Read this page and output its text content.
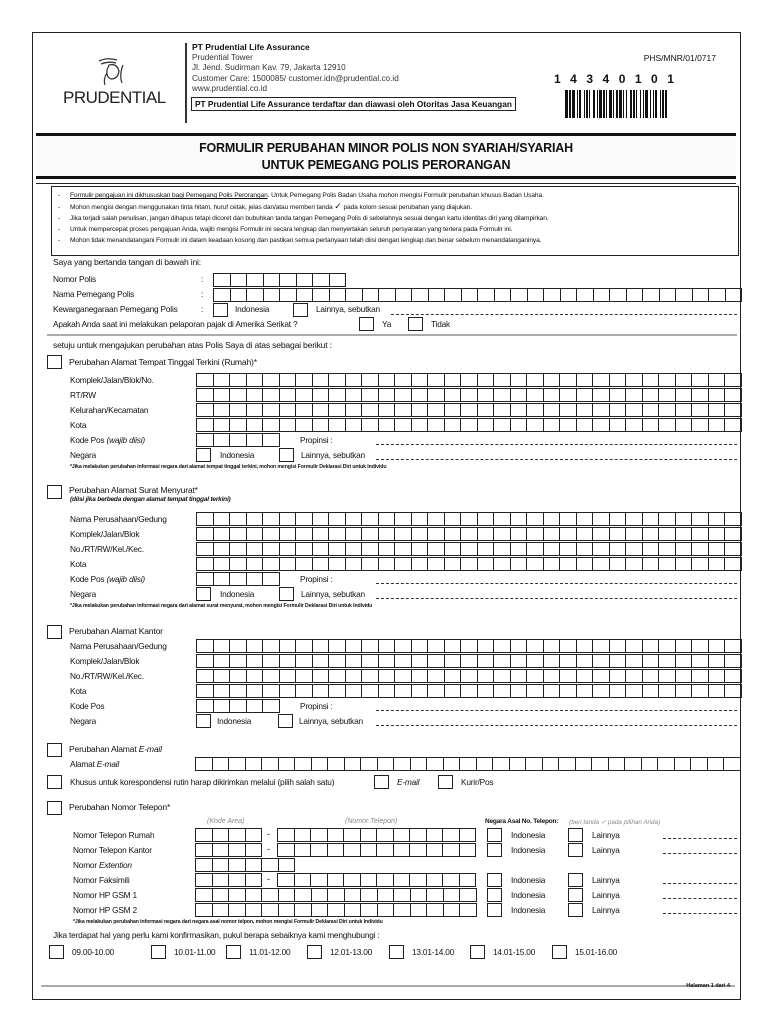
PRUDENTIAL
PT Prudential Life Assurance
Prudential Tower
Jl. Jend. Sudirman Kav. 79, Jakarta 12910
Customer Care: 1500085/ customer.idn@prudential.co.id
www.prudential.co.id
PT Prudential Life Assurance terdaftar dan diawasi oleh Otoritas Jasa Keuangan
PHS/MNR/01/0717
14340101
FORMULIR PERUBAHAN MINOR POLIS NON SYARIAH/SYARIAH
UNTUK PEMEGANG POLIS PERORANGAN
- Formulir pengajuan ini dikhususkan bagi Pemegang Polis Perorangan. Untuk Pemegang Polis Badan Usaha mohon mengisi Formulir perubahan khusus Badan Usaha.
- Mohon mengisi dengan menggunakan tinta hitam, huruf cetak, jelas dan/atau memberi tanda ✓ pada kolom sesuai perubahan yang diajukan.
- Jika terjadi salah penulisan, jangan dihapus tetapi dicoret dan bubuhkan tanda tangan Pemegang Polis di sebelahnya sesuai dengan kartu identitas diri yang dilampirkan.
- Untuk mempercepat proses pengajuan Anda, wajib mengisi Formulir ini secara lengkap dan menyertakan seluruh persyaratan yang tertera pada Formulir ini.
- Mohon tidak menandatangani Formulir ini dalam keadaan kosong dan pastikan semua pertanyaan telah diisi dengan lengkap dan benar sebelum menandatanganinya.
Saya yang bertanda tangan di bawah ini:
Nomor Polis	:
Nama Pemegang Polis	:
Kewarganegaraan Pemegang Polis	:	Indonesia	Lainnya, sebutkan
Apakah Anda saat ini melakukan pelaporan pajak di Amerika Serikat ?	Ya	Tidak
setuju untuk mengajukan perubahan atas Polis Saya di atas sebagai berikut :
Perubahan Alamat Tempat Tinggal Terkini (Rumah)*
Komplek/Jalan/Blok/No.
RT/RW
Kelurahan/Kecamatan
Kota
Kode Pos (wajib diisi)	Propinsi :
Negara	Indonesia	Lainnya, sebutkan
*Jika melakukan perubahan informasi negara dari alamat tempat tinggal terkini, mohon mengisi Formulir Deklarasi Diri untuk Individu
Perubahan Alamat Surat Menyurat*
(diisi jika berbeda dengan alamat tempat tinggal terkini)
Nama Perusahaan/Gedung
Komplek/Jalan/Blok
No./RT/RW/Kel./Kec.
Kota
Kode Pos (wajib diisi)	Propinsi :
Negara	Indonesia	Lainnya, sebutkan
*Jika melakukan perubahan informasi negara dari alamat surat menyurat, mohon mengisi Formulir Deklarasi Diri untuk Individu
Perubahan Alamat Kantor
Nama Perusahaan/Gedung
Komplek/Jalan/Blok
No./RT/RW/Kel./Kec.
Kota
Kode Pos	Propinsi :
Negara	Indonesia	Lainnya, sebutkan
Perubahan Alamat E-mail
Alamat E-mail
Khusus untuk korespondensi rutin harap dikirimkan melalui (pilih salah satu)	E-mail	Kurir/Pos
Perubahan Nomor Telepon*
(Kode Area)	(Nomor Telepon)	Negara Asal No. Telepon: (beri tanda ✓ pada pilihan Anda)
Nomor Telepon Rumah	-	Indonesia	Lainnya
Nomor Telepon Kantor	-	Indonesia	Lainnya
Nomor Extention
Nomor Faksimili	-	Indonesia	Lainnya
Nomor HP GSM 1	Indonesia	Lainnya
Nomor HP GSM 2	Indonesia	Lainnya
*Jika melakukan perubahan informasi negara dari negara asal nomor telpon, mohon mengisi Formulir Deklarasi Diri untuk Individu
Jika terdapat hal yang perlu kami konfirmasikan, pukul berapa sebaiknya kami menghubungi :
09.00-10.00	10.01-11.00	11.01-12.00	12.01-13.00	13.01-14.00	14.01-15.00	15.01-16.00
Halaman 1 dari 4
